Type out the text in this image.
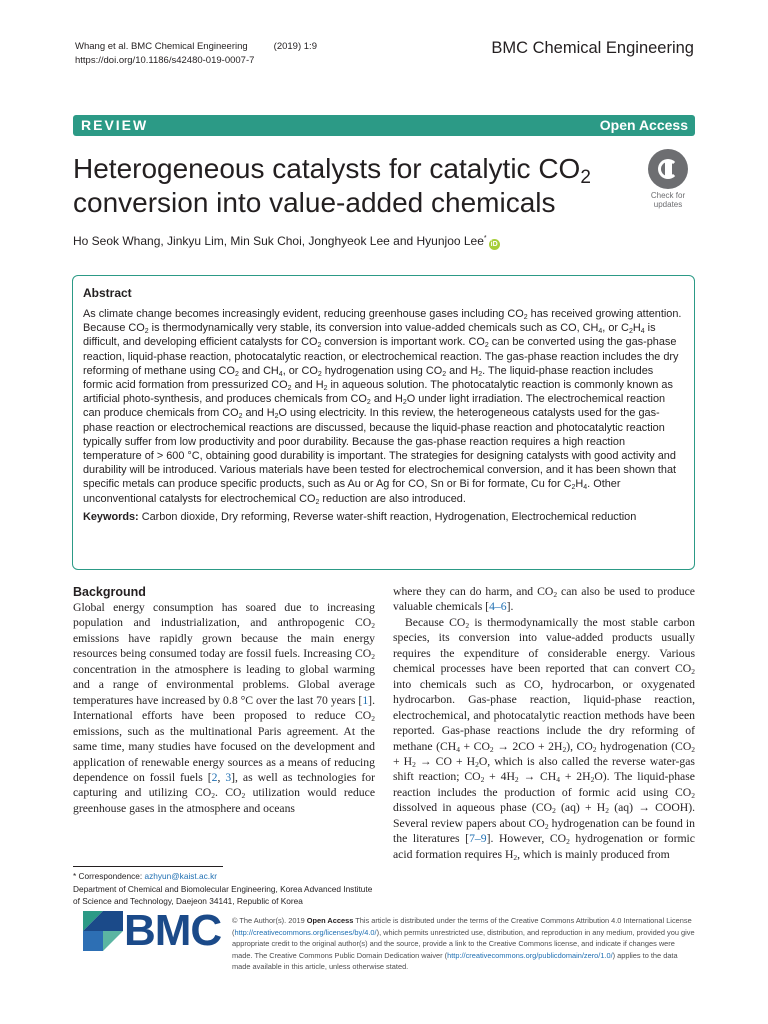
Whang et al. BMC Chemical Engineering	(2019) 1:9
https://doi.org/10.1186/s42480-019-0007-7
BMC Chemical Engineering
REVIEW	Open Access
Heterogeneous catalysts for catalytic $CO_2$
conversion into value-added chemicals	Check for
updates
Ho Seok Whang, Jinkyu Lim, Min Suk Choi, Jonghyeok Lee and Hyunjoo Lee*iD
Abstract

As climate change becomes increasingly evident, reducing greenhouse gases including $CO_2$ has received growing attention. Because $CO_2$ is thermodynamically very stable, its conversion into value-added chemicals such as CO, $CH_4$, or $C_2H_4$ is difficult, and developing efficient catalysts for $CO_2$ conversion is important work. $CO_2$ can be converted using the gas-phase reaction, liquid-phase reaction, photocatalytic reaction, or electrochemical reaction. The gas-phase reaction includes the dry reforming of methane using $CO_2$ and $CH_4$, or $CO_2$ hydrogenation using $CO_2$ and $H_2$. The liquid-phase reaction includes formic acid formation from pressurized $CO_2$ and $H_2$ in aqueous solution. The photocatalytic reaction is commonly known as artificial photo-synthesis, and produces chemicals from $CO_2$ and $H_2O$ under light irradiation. The electrochemical reaction can produce chemicals from $CO_2$ and $H_2O$ using electricity. In this review, the heterogeneous catalysts used for the gas-phase reaction or electrochemical reactions are discussed, because the liquid-phase reaction and photocatalytic reaction typically suffer from low productivity and poor durability. Because the gas-phase reaction requires a high reaction temperature of > 600 °C, obtaining good durability is important. The strategies for designing catalysts with good activity and durability will be introduced. Various materials have been tested for electrochemical conversion, and it has been shown that specific metals can produce specific products, such as Au or Ag for CO, Sn or Bi for formate, Cu for $C_2H_4$. Other unconventional catalysts for electrochemical $CO_2$ reduction are also introduced.

Keywords: Carbon dioxide, Dry reforming, Reverse water-shift reaction, Hydrogenation, Electrochemical reduction

Background

Global energy consumption has soared due to increasing population and industrialization, and anthropogenic $CO_2$ emissions have rapidly grown because the main energy resources being consumed today are fossil fuels. Increasing $CO_2$ concentration in the atmosphere is leading to global warming and a range of environmental problems. Global average temperatures have increased by 0.8 °C over the last 70 years [1]. International efforts have been proposed to reduce $CO_2$ emissions, such as the multinational Paris agreement. At the same time, many studies have focused on the development and application of renewable energy sources as a means of reducing dependence on fossil fuels [2, 3], as well as technologies for capturing and utilizing $CO_2$. $CO_2$ utilization would reduce greenhouse gases in the atmosphere and oceans

where they can do harm, and $CO_2$ can also be used to produce valuable chemicals [4–6].

Because $CO_2$ is thermodynamically the most stable carbon species, its conversion into value-added products usually requires the expenditure of considerable energy. Various chemical processes have been reported that can convert $CO_2$ into chemicals such as CO, hydrocarbon, or oxygenated hydrocarbon. Gas-phase reaction, liquid-phase reaction, electrochemical, and photocatalytic reaction methods have been reported. Gas-phase reactions include the dry reforming of methane $(CH_4 + CO_2 \to 2CO + 2H_2)$, $CO_2$ hydrogenation ($CO_2 + H_2$ → CO + $H_2O$, which is also called the reverse water-gas shift reaction; $CO_2 + 4H_2 \to CH_4 + 2H_2O$). The liquid-phase reaction includes the production of formic acid using $CO_2$ dissolved in aqueous phase ($CO_2$ $(aq) + H_2$ (aq) → COOH). Several review papers about $CO_2$ hydrogenation can be found in the literatures [7–9]. However, $CO_2$ hydrogenation or formic acid formation requires $H_2$, which is mainly produced from

* Correspondence: azhyun@kaist.ac.kr
Department of Chemical and Biomolecular Engineering, Korea Advanced Institute of Science and Technology, Daejeon 34141, Republic of Korea
BMC © The Author(s). 2019 Open Access This article is distributed under the terms of the Creative Commons Attribution 4.0 International License (http://creativecommons.org/licenses/by/4.0/), which permits unrestricted use, distribution, and reproduction in any medium, provided you give appropriate credit to the original author(s) and the source, provide a link to the Creative Commons license, and indicate if changes were made. The Creative Commons Public Domain Dedication waiver (http://creativecommons.org/publicdomain/zero/1.0/) applies to the data made available in this article, unless otherwise stated.
